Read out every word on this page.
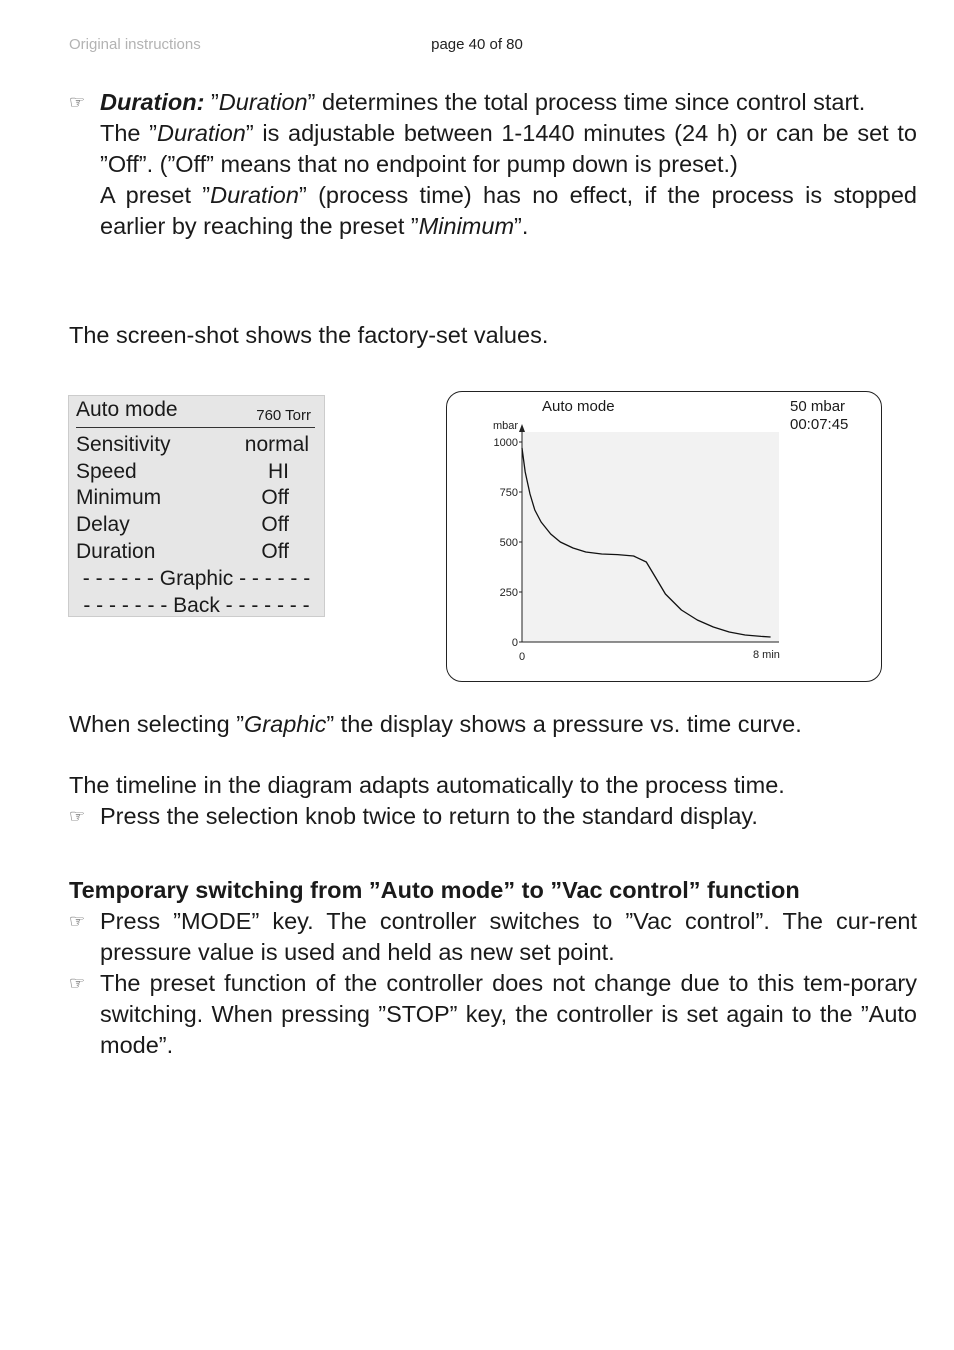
Original instructions	page 40 of 80
☞ Duration: ”Duration” determines the total process time since control start.
The ”Duration” is adjustable between 1-1440 minutes (24 h) or can be set to ”Off”. (”Off” means that no endpoint for pump down is preset.)
A preset ”Duration” (process time) has no effect, if the process is stopped earlier by reaching the preset ”Minimum”.
The screen-shot shows the factory-set values.
Auto mode	760 Torr
Sensitivity	normal
Speed	HI
Minimum	Off
Delay	Off
Duration	Off
- - - - - - Graphic - - - - - -
- - - - - - - Back - - - - - - -
Auto mode	50 mbar
00:07:45
0
250
500
750
1000
mbar
0	8 min
When selecting ”Graphic” the display shows a pressure vs. time curve.
The timeline in the diagram adapts automatically to the process time.
☞ Press the selection knob twice to return to the standard display.
Temporary switching from ”Auto mode” to ”Vac control” function
☞ Press ”MODE” key. The controller switches to ”Vac control”. The cur-rent pressure value is used and held as new set point.
☞ The preset function of the controller does not change due to this tem-porary switching. When pressing ”STOP” key, the controller is set again to the ”Auto mode”.
